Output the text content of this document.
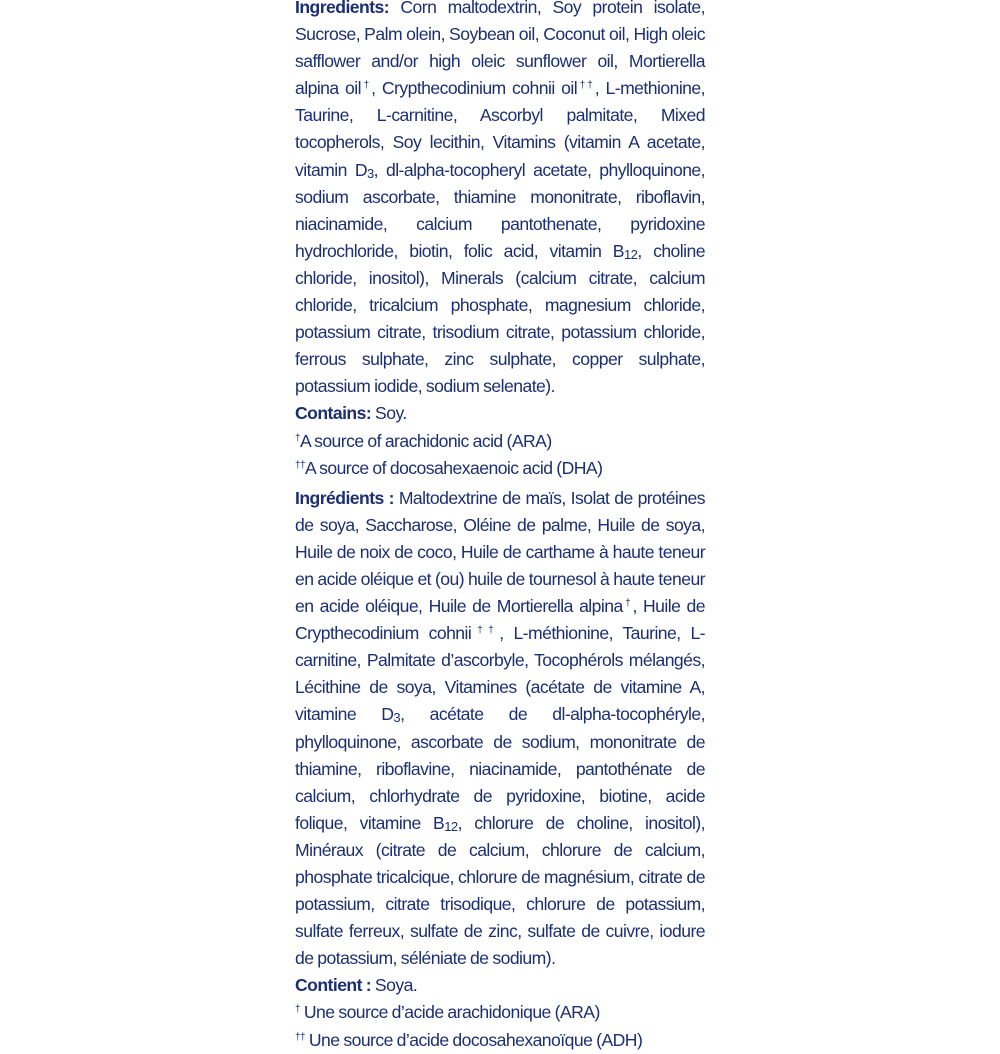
Ingredients: Corn maltodextrin, Soy protein isolate, Sucrose, Palm olein, Soybean oil, Coconut oil, High oleic safflower and/or high oleic sunflower oil, Mortierella alpina oil†, Crypthecodinium cohnii oil††, L-methionine, Taurine, L-carnitine, Ascorbyl palmitate, Mixed tocopherols, Soy lecithin, Vitamins (vitamin A acetate, vitamin $D_3$, dl-alpha-tocopheryl acetate, phylloquinone, sodium ascorbate, thiamine mononitrate, riboflavin, niacinamide, calcium pantothenate, pyridoxine hydrochloride, biotin, folic acid, vitamin $B_{12}$, choline chloride, inositol), Minerals (calcium citrate, calcium chloride, tricalcium phosphate, magnesium chloride, potassium citrate, trisodium citrate, potassium chloride, ferrous sulphate, zinc sulphate, copper sulphate, potassium iodide, sodium selenate).

Contains: Soy.

†A source of arachidonic acid (ARA)

††A source of docosahexaenoic acid (DHA)

Ingrédients : Maltodextrine de maïs, Isolat de protéines de soya, Saccharose, Oléine de palme, Huile de soya, Huile de noix de coco, Huile de carthame à haute teneur en acide oléique et (ou) huile de tournesol à haute teneur en acide oléique, Huile de Mortierella alpina†, Huile de Crypthecodinium cohnii††, L-méthionine, Taurine, L-carnitine, Palmitate d’ascorbyle, Tocophérols mélangés, Lécithine de soya, Vitamines (acétate de vitamine A, vitamine $D_3$, acétate de dl-alpha-tocophéryle, phylloquinone, ascorbate de sodium, mononitrate de thiamine, riboflavine, niacinamide, pantothénate de calcium, chlorhydrate de pyridoxine, biotine, acide folique, vitamine $B_{12}$, chlorure de choline, inositol), Minéraux (citrate de calcium, chlorure de calcium, phosphate tricalcique, chlorure de magnésium, citrate de potassium, citrate trisodique, chlorure de potassium, sulfate ferreux, sulfate de zinc, sulfate de cuivre, iodure de potassium, séléniate de sodium).

Contient : Soya.

† Une source d’acide arachidonique (ARA)

†† Une source d’acide docosahexanoïque (ADH)
